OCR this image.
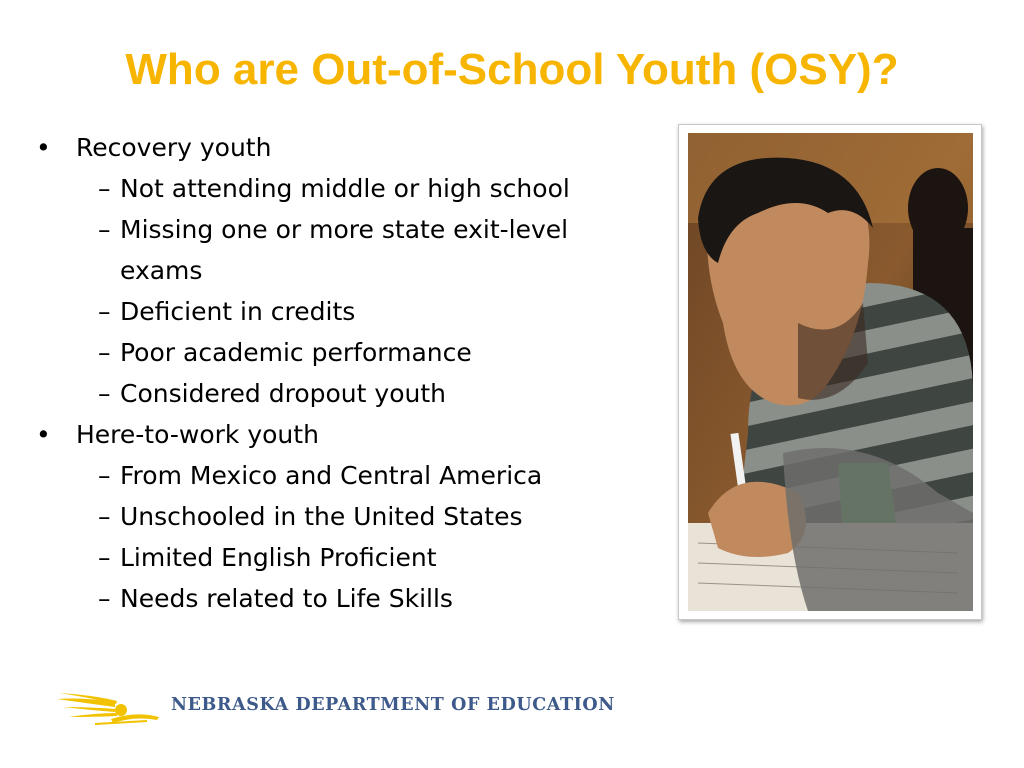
Who are Out-of-School Youth (OSY)?
• Recovery youth
– Not attending middle or high school
– Missing one or more state exit-level exams
– Deficient in credits
– Poor academic performance
– Considered dropout youth
• Here-to-work youth
– From Mexico and Central America
– Unschooled in the United States
– Limited English Proficient
– Needs related to Life Skills
NEBRASKA DEPARTMENT OF EDUCATION
